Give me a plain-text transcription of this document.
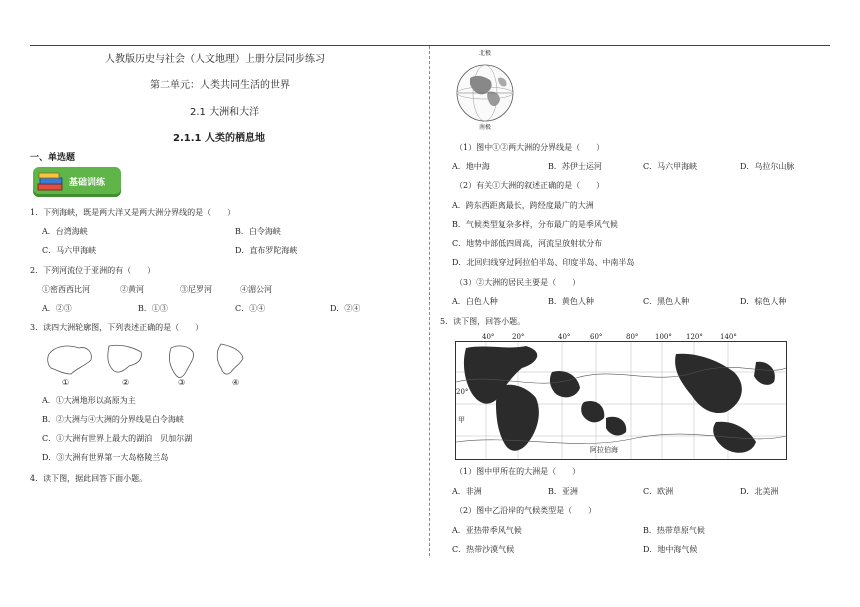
人教版历史与社会（人文地理）上册分层同步练习
第二单元：人类共同生活的世界
2.1 大洲和大洋
2.1.1 人类的栖息地
一、单选题
基础训练
1．下列海峡，既是两大洋又是两大洲分界线的是（　　）
A．台湾海峡	B．白令海峡
C．马六甲海峡	D．直布罗陀海峡
2．下列河流位于亚洲的有（　　）
①密西西比河	②黄河	③尼罗河	④湄公河
A．②③	B．①③	C．①④	D．②④
3．读四大洲轮廓图，下列表述正确的是（　　）
①	②	③	④
A．①大洲地形以高原为主
B．②大洲与④大洲的分界线是白令海峡
C．①大洲有世界上最大的湖泊　贝加尔湖
D．③大洲有世界第一大岛格陵兰岛
4．读下图，据此回答下面小题。
北极
南极
（1）图中①②两大洲的分界线是（　　）
A．地中海	B．苏伊士运河	C．马六甲海峡	D．乌拉尔山脉
（2）有关①大洲的叙述正确的是（　　）
A．跨东西距离最长，跨经度最广的大洲
B．气候类型复杂多样，分布最广的是季风气候
C．地势中部低四周高，河流呈放射状分布
D．北回归线穿过阿拉伯半岛、印度半岛、中南半岛
（3）②大洲的居民主要是（　　）
A．白色人种	B．黄色人种	C．黑色人种	D．棕色人种
5．读下图，回答小题。
40°	20°	40°	60°	80° 100° 120° 140°
乙
20°
甲
阿拉伯海
（1）图中甲所在的大洲是（　　）
A．非洲	B．亚洲	C．欧洲	D．北美洲
（2）图中乙沿岸的气候类型是（　　）
A．亚热带季风气候	B．热带草原气候
C．热带沙漠气候	D．地中海气候
